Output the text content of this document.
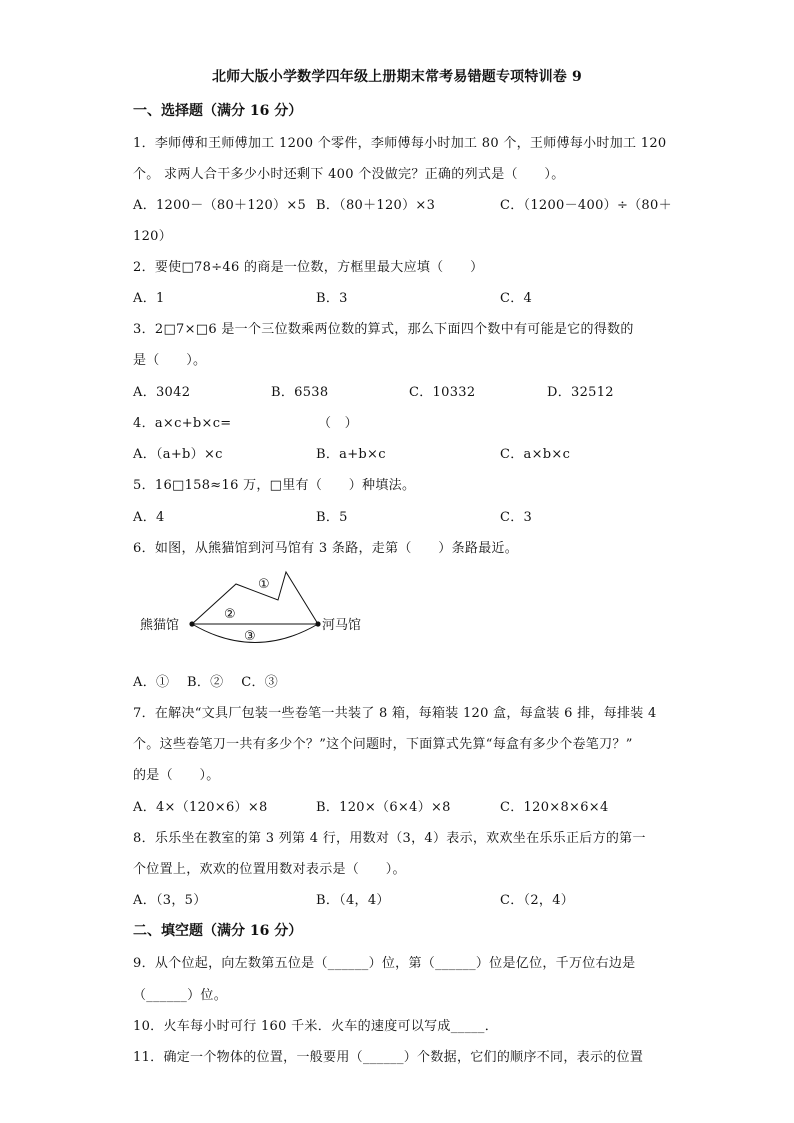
北师大版小学数学四年级上册期末常考易错题专项特训卷 9
一、选择题（满分 16 分）
1．李师傅和王师傅加工 1200 个零件，李师傅每小时加工 80 个，王师傅每小时加工 120
个。 求两人合干多少小时还剩下 400 个没做完？正确的列式是（　　）。
A．1200－（80＋120）×5 B．（80＋120）×3	C．（1200－400）÷（80＋
120）
2．要使□78÷46 的商是一位数，方框里最大应填（　　）
A．1	B．3	C．4
3．2□7×□6 是一个三位数乘两位数的算式，那么下面四个数中有可能是它的得数的
是（　　）。
A．3042	B．6538	C．10332	D．32512
4．a×c+b×c=	（　）
A．（a+b）×c	B．a+b×c	C．a×b×c
5．16□158≈16 万，□里有（　　）种填法。
A．4	B．5	C．3
6．如图，从熊猫馆到河马馆有 3 条路，走第（　　）条路最近。
熊猫馆	河马馆
①
②
③
A．①　 B．②　 C．③
7．在解决“文具厂包装一些卷笔一共装了 8 箱，每箱装 120 盒，每盒装 6 排，每排装 4
个。这些卷笔刀一共有多少个？”这个问题时，下面算式先算“每盒有多少个卷笔刀？”
的是（　　）。
A．4×（120×6）×8	B．120×（6×4）×8	C．120×8×6×4
8．乐乐坐在教室的第 3 列第 4 行，用数对（3，4）表示，欢欢坐在乐乐正后方的第一
个位置上，欢欢的位置用数对表示是（　　）。
A．（3，5）	B．（4，4）	C．（2，4）
二、填空题（满分 16 分）
9．从个位起，向左数第五位是（______）位，第（______）位是亿位，千万位右边是
（______）位。
10．火车每小时可行 160 千米．火车的速度可以写成_____．
11．确定一个物体的位置，一般要用（______）个数据，它们的顺序不同，表示的位置
